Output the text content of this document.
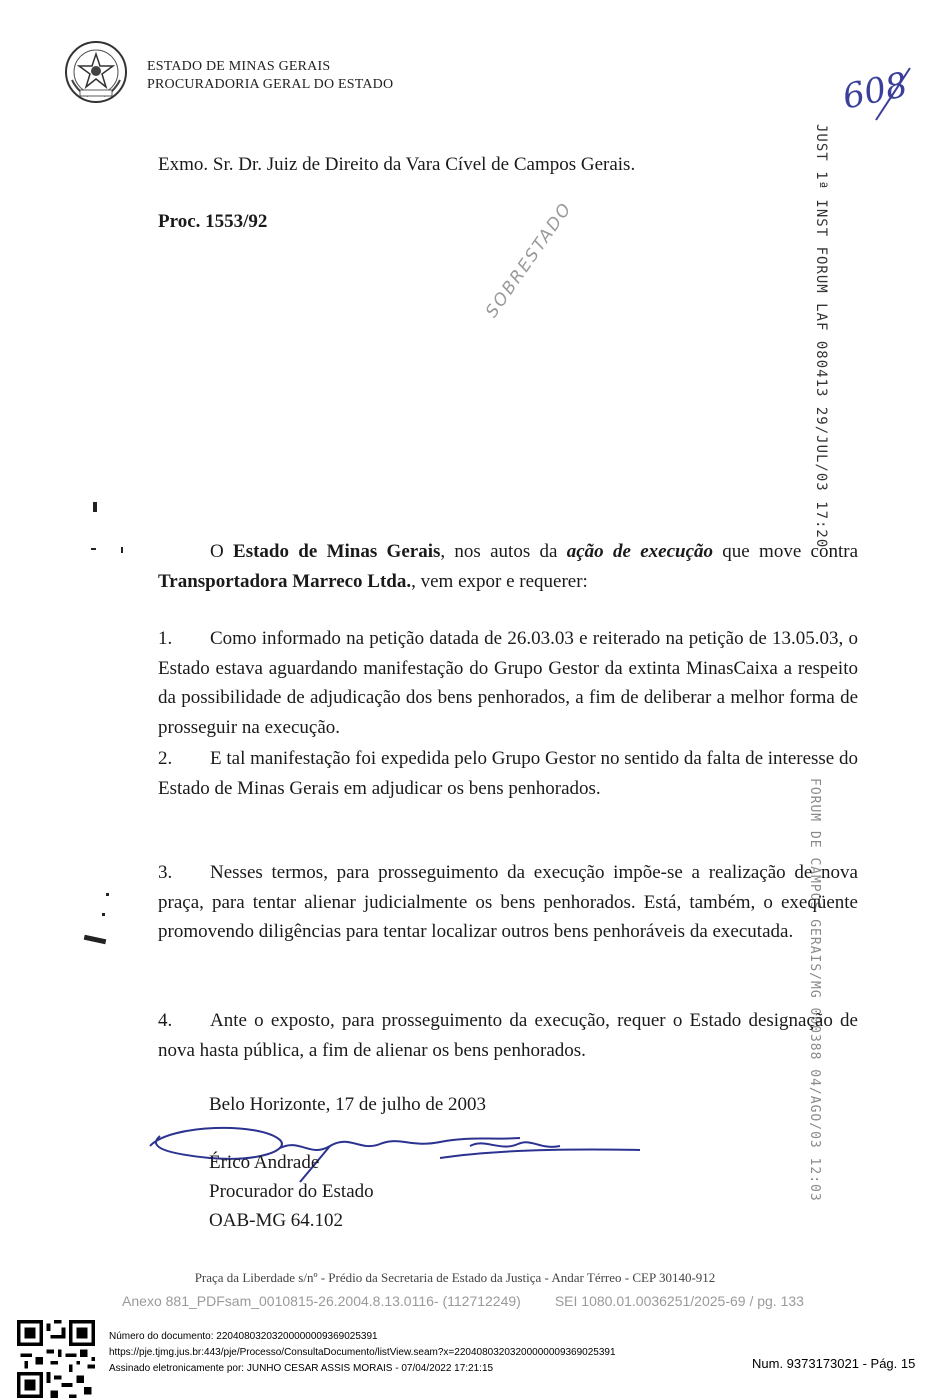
ESTADO DE MINAS GERAIS
PROCURADORIA GERAL DO ESTADO	608
Exmo. Sr. Dr. Juiz de Direito da Vara Cível de Campos Gerais.
Proc. 1553/92	JUST 1ª INST FORUM LAF 080413 29/JUL/03 17:20
FORUM DE CAMPOS GERAIS/MG 000388 04/AGO/03 12:03
SOBRESTADO
O Estado de Minas Gerais, nos autos da ação de execução que move contra Transportadora Marreco Ltda., vem expor e requerer:
1. Como informado na petição datada de 26.03.03 e reiterado na petição de 13.05.03, o Estado estava aguardando manifestação do Grupo Gestor da extinta MinasCaixa a respeito da possibilidade de adjudicação dos bens penhorados, a fim de deliberar a melhor forma de prosseguir na execução.
2. E tal manifestação foi expedida pelo Grupo Gestor no sentido da falta de interesse do Estado de Minas Gerais em adjudicar os bens penhorados.
3. Nesses termos, para prosseguimento da execução impõe-se a realização de nova praça, para tentar alienar judicialmente os bens penhorados. Está, também, o exeqüente promovendo diligências para tentar localizar outros bens penhoráveis da executada.
4. Ante o exposto, para prosseguimento da execução, requer o Estado designação de nova hasta pública, a fim de alienar os bens penhorados.
Belo Horizonte, 17 de julho de 2003
Érico Andrade
Procurador do Estado
OAB-MG 64.102
Praça da Liberdade s/nº - Prédio da Secretaria de Estado da Justiça - Andar Térreo - CEP 30140-912
Anexo 881_PDFsam_0010815-26.2004.8.13.0116- (112712249) SEI 1080.01.0036251/2025-69 / pg. 133
Número do documento: 22040803203200000009369025391
https://pje.tjmg.jus.br:443/pje/Processo/ConsultaDocumento/listView.seam?x=22040803203200000009369025391
Assinado eletronicamente por: JUNHO CESAR ASSIS MORAIS - 07/04/2022 17:21:15	Num. 9373173021 - Pág. 15
